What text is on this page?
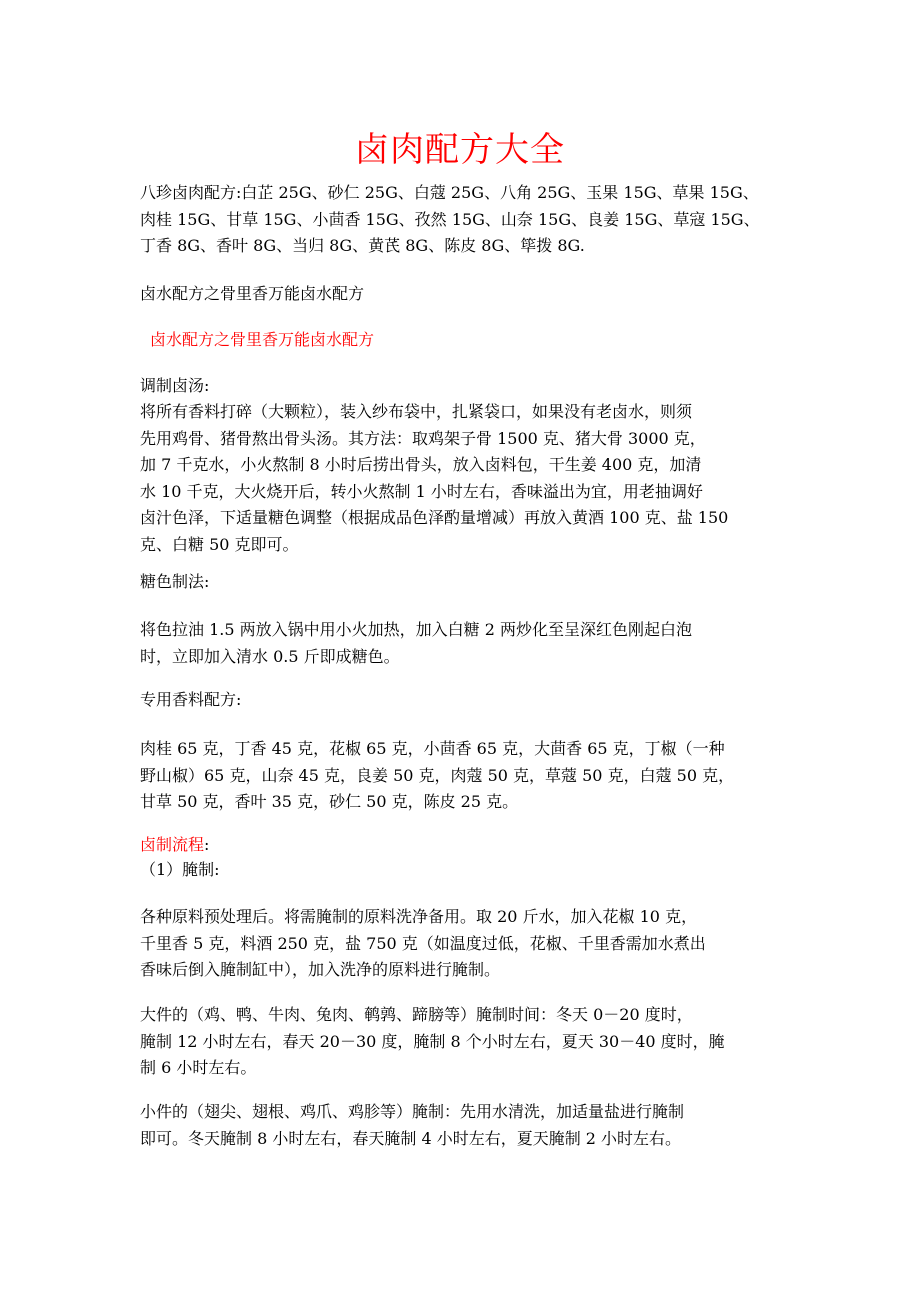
卤肉配方大全
八珍卤肉配方:白芷 25G、砂仁 25G、白蔻 25G、八角 25G、玉果 15G、草果 15G、
肉桂 15G、甘草 15G、小茴香 15G、孜然 15G、山奈 15G、良姜 15G、草寇 15G、
丁香 8G、香叶 8G、当归 8G、黄芪 8G、陈皮 8G、筚拨 8G.
卤水配方之骨里香万能卤水配方
卤水配方之骨里香万能卤水配方
调制卤汤:
将所有香料打碎（大颗粒），装入纱布袋中，扎紧袋口，如果没有老卤水，则须
先用鸡骨、猪骨熬出骨头汤。其方法：取鸡架子骨 1500 克、猪大骨 3000 克，
加 7 千克水，小火熬制 8 小时后捞出骨头，放入卤料包，干生姜 400 克，加清
水 10 千克，大火烧开后，转小火熬制 1 小时左右，香味溢出为宜，用老抽调好
卤汁色泽，下适量糖色调整（根据成品色泽酌量增减）再放入黄酒 100 克、盐 150
克、白糖 50 克即可。
糖色制法:
将色拉油 1.5 两放入锅中用小火加热，加入白糖 2 两炒化至呈深红色刚起白泡
时，立即加入清水 0.5 斤即成糖色。
专用香料配方:
肉桂 65 克，丁香 45 克，花椒 65 克，小茴香 65 克，大茴香 65 克，丁椒（一种
野山椒）65 克，山奈 45 克，良姜 50 克，肉蔻 50 克，草蔻 50 克，白蔻 50 克，
甘草 50 克，香叶 35 克，砂仁 50 克，陈皮 25 克。
卤制流程:
（1）腌制:
各种原料预处理后。将需腌制的原料洗净备用。取 20 斤水，加入花椒 10 克，
千里香 5 克，料酒 250 克，盐 750 克（如温度过低，花椒、千里香需加水煮出
香味后倒入腌制缸中），加入洗净的原料进行腌制。
大件的（鸡、鸭、牛肉、兔肉、鹌鹑、蹄膀等）腌制时间：冬天 0－20 度时，
腌制 12 小时左右，春天 20－30 度，腌制 8 个小时左右，夏天 30－40 度时，腌
制 6 小时左右。
小件的（翅尖、翅根、鸡爪、鸡胗等）腌制：先用水清洗，加适量盐进行腌制
即可。冬天腌制 8 小时左右，春天腌制 4 小时左右，夏天腌制 2 小时左右。
